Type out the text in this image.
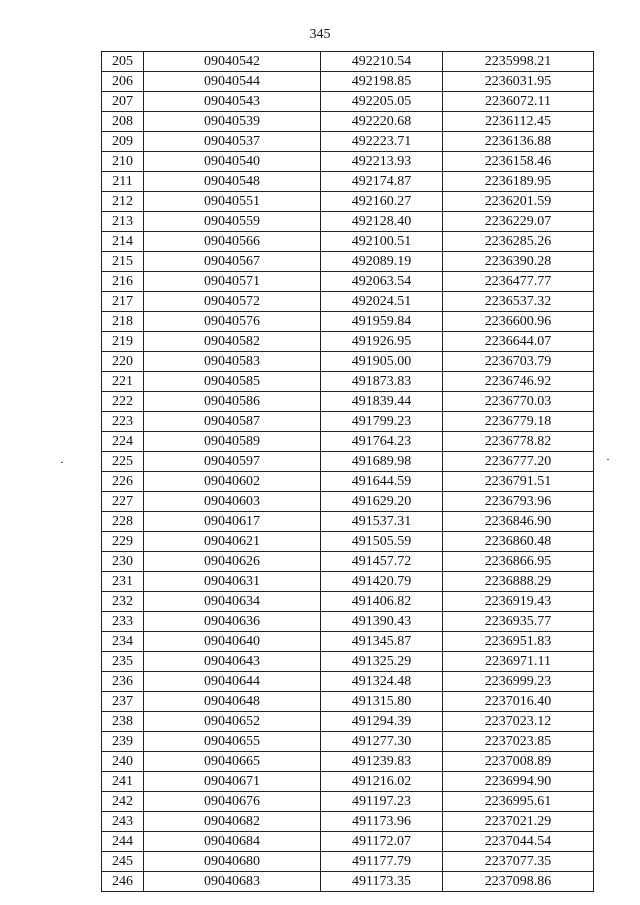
345
205	09040542	492210.54	2235998.21
206	09040544	492198.85	2236031.95
207	09040543	492205.05	2236072.11
208	09040539	492220.68	2236112.45
209	09040537	492223.71	2236136.88
210	09040540	492213.93	2236158.46
211	09040548	492174.87	2236189.95
212	09040551	492160.27	2236201.59
213	09040559	492128.40	2236229.07
214	09040566	492100.51	2236285.26
215	09040567	492089.19	2236390.28
216	09040571	492063.54	2236477.77
217	09040572	492024.51	2236537.32
218	09040576	491959.84	2236600.96
219	09040582	491926.95	2236644.07
220	09040583	491905.00	2236703.79
221	09040585	491873.83	2236746.92
222	09040586	491839.44	2236770.03
223	09040587	491799.23	2236779.18
224	09040589	491764.23	2236778.82
225	09040597	491689.98	2236777.20
226	09040602	491644.59	2236791.51
227	09040603	491629.20	2236793.96
228	09040617	491537.31	2236846.90
229	09040621	491505.59	2236860.48
230	09040626	491457.72	2236866.95
231	09040631	491420.79	2236888.29
232	09040634	491406.82	2236919.43
233	09040636	491390.43	2236935.77
234	09040640	491345.87	2236951.83
235	09040643	491325.29	2236971.11
236	09040644	491324.48	2236999.23
237	09040648	491315.80	2237016.40
238	09040652	491294.39	2237023.12
239	09040655	491277.30	2237023.85
240	09040665	491239.83	2237008.89
241	09040671	491216.02	2236994.90
242	09040676	491197.23	2236995.61
243	09040682	491173.96	2237021.29
244	09040684	491172.07	2237044.54
245	09040680	491177.79	2237077.35
246	09040683	491173.35	2237098.86
